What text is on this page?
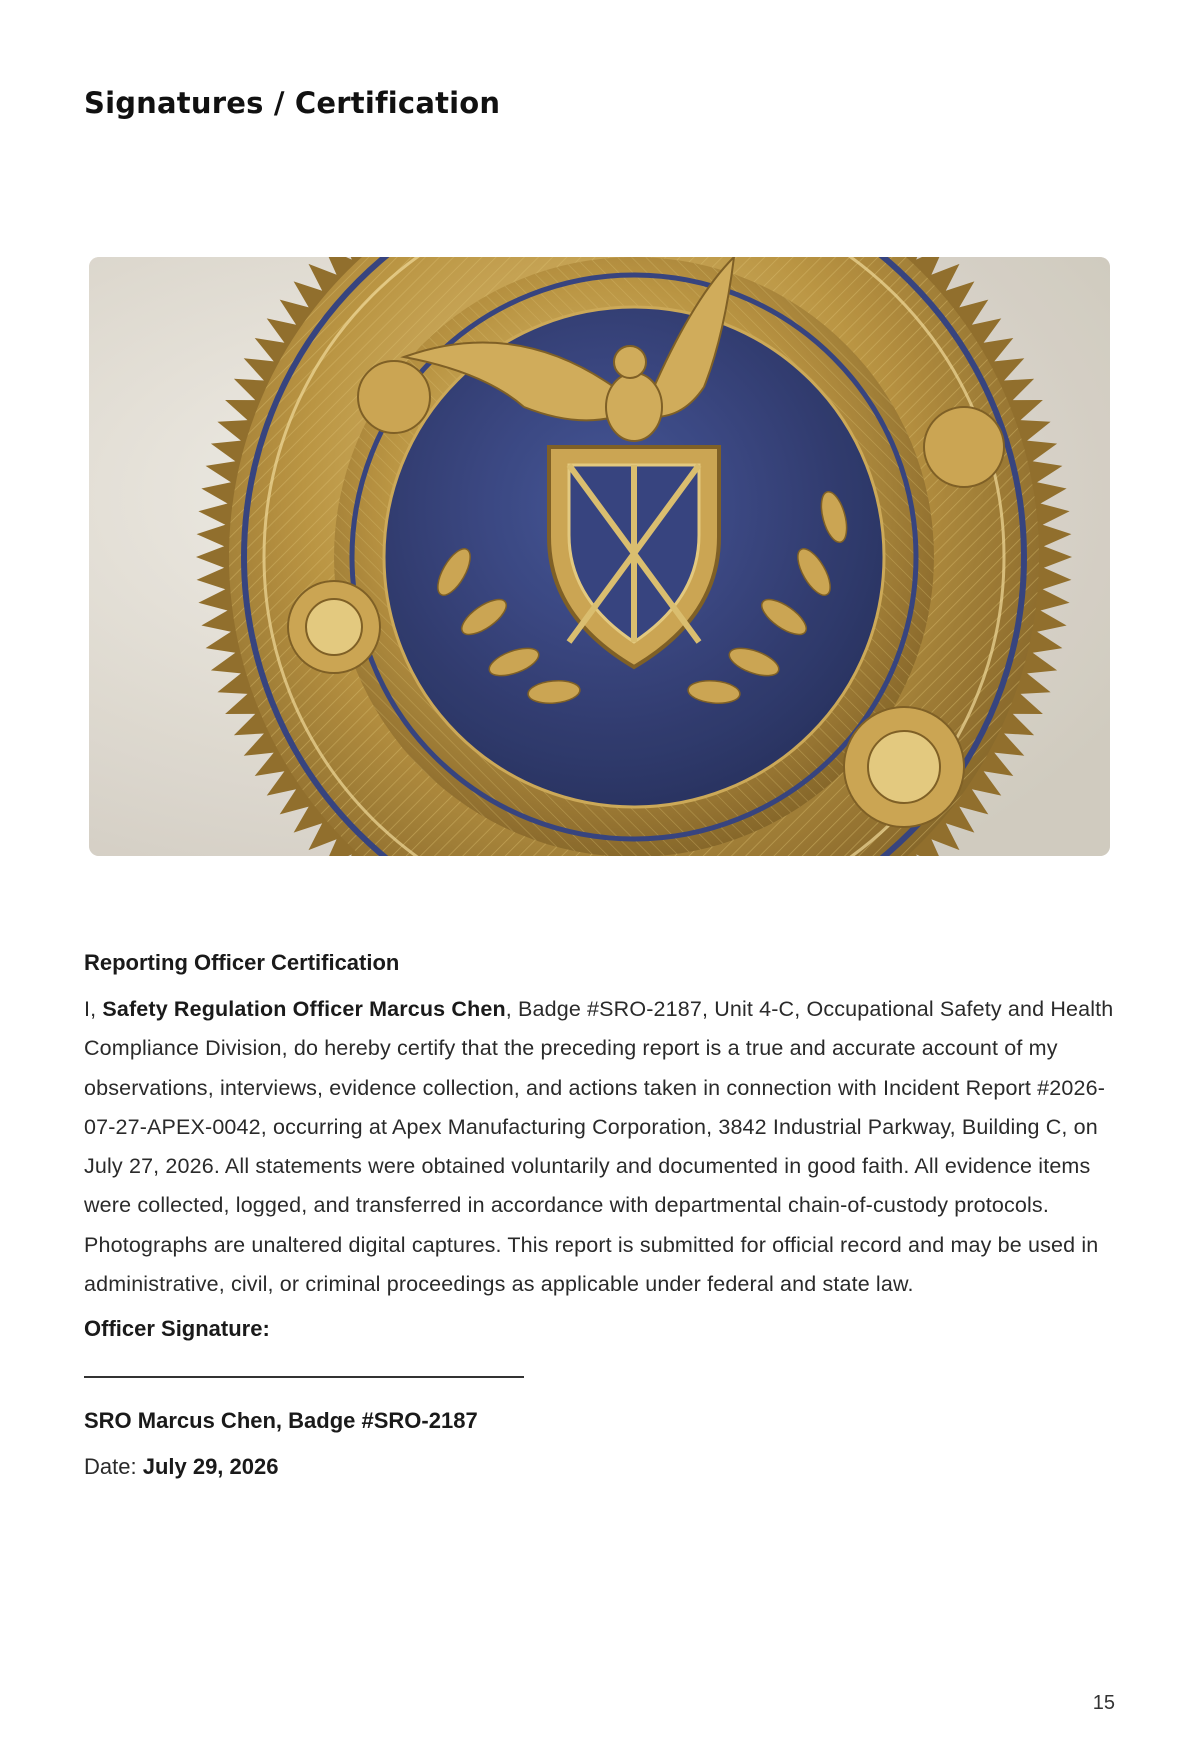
Signatures / Certification
Reporting Officer Certification

I, Safety Regulation Officer Marcus Chen, Badge #SRO-2187, Unit 4-C, Occupational Safety and Health Compliance Division, do hereby certify that the preceding report is a true and accurate account of my observations, interviews, evidence collection, and actions taken in connection with Incident Report #2026-07-27-APEX-0042, occurring at Apex Manufacturing Corporation, 3842 Industrial Parkway, Building C, on July 27, 2026. All statements were obtained voluntarily and documented in good faith. All evidence items were collected, logged, and transferred in accordance with departmental chain-of-custody protocols. Photographs are unaltered digital captures. This report is submitted for official record and may be used in administrative, civil, or criminal proceedings as applicable under federal and state law.

Officer Signature:

SRO Marcus Chen, Badge #SRO-2187

Date: July 29, 2026

15
